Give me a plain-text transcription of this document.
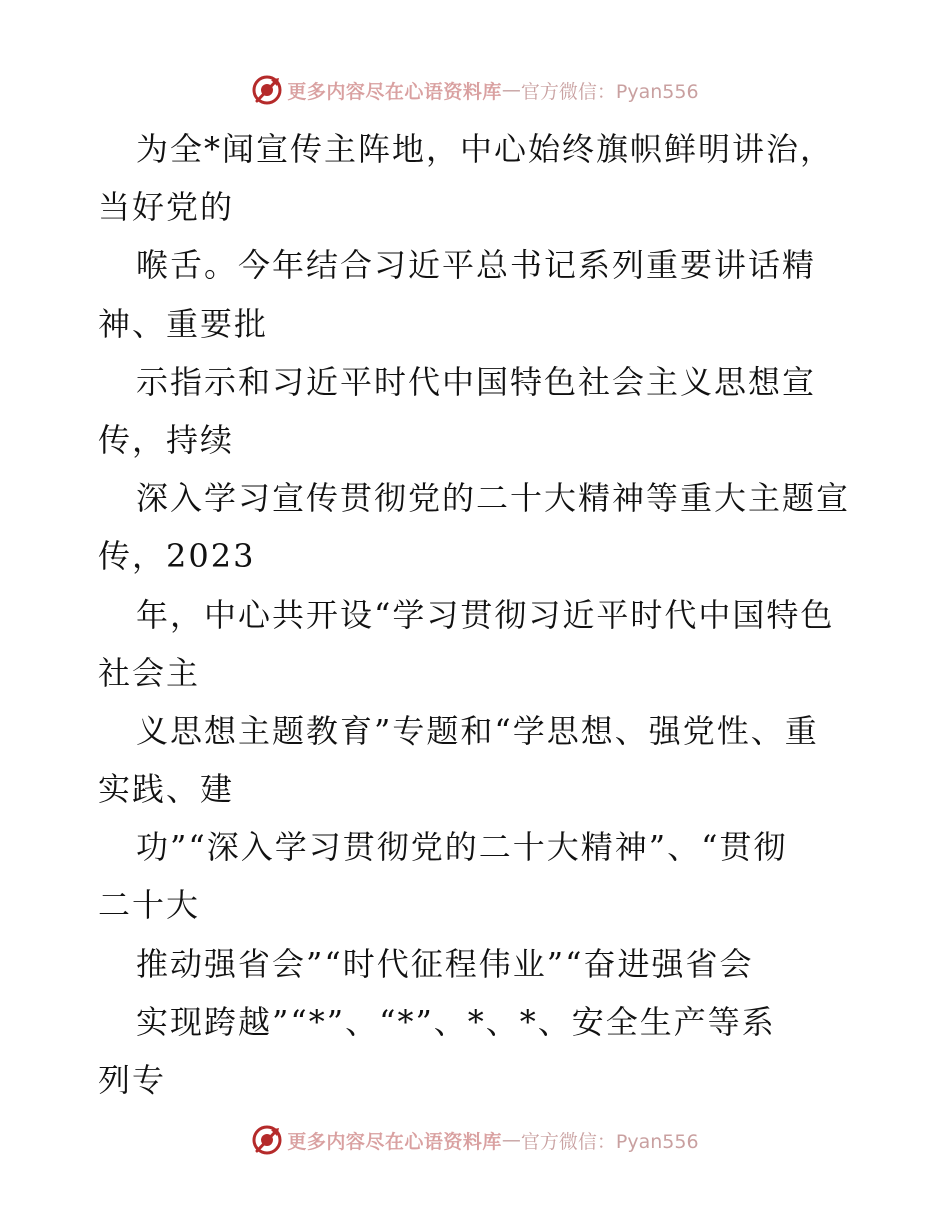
更多内容尽在心语资料库 — 官方微信：Pyan556
为全*闻宣传主阵地，中心始终旗帜鲜明讲治，
当好党的
喉舌。今年结合习近平总书记系列重要讲话精
神、重要批
示指示和习近平时代中国特色社会主义思想宣
传，持续
深入学习宣传贯彻党的二十大精神等重大主题宣
传，2023
年，中心共开设“学习贯彻习近平时代中国特色
社会主
义思想主题教育”专题和“学思想、强党性、重
实践、建
功”“深入学习贯彻党的二十大精神”、“贯彻
二十大
推动强省会”“时代征程伟业”“奋进强省会
实现跨越”“*”、“*”、*、*、安全生产等系
列专
更多内容尽在心语资料库 — 官方微信：Pyan556
